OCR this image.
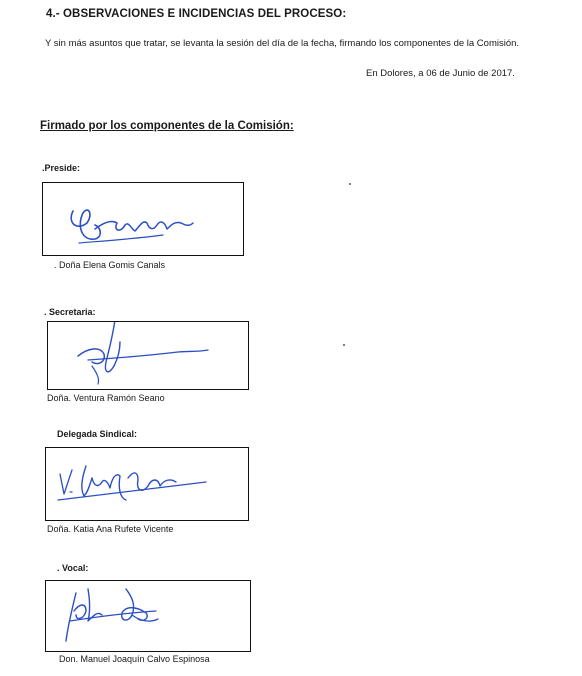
4.- OBSERVACIONES E INCIDENCIAS DEL PROCESO:
Y sin más asuntos que tratar, se levanta la sesión del día de la fecha, firmando los componentes de la Comisión.
En Dolores, a 06 de Junio de 2017.
Firmado por los componentes de la Comisión:
.Preside:
. Doña Elena Gomis Canals
. Secretaria:
Doña. Ventura Ramón Seano
Delegada Sindical:
Doña. Katia Ana Rufete Vicente
. Vocal:
Don. Manuel Joaquín Calvo Espinosa
